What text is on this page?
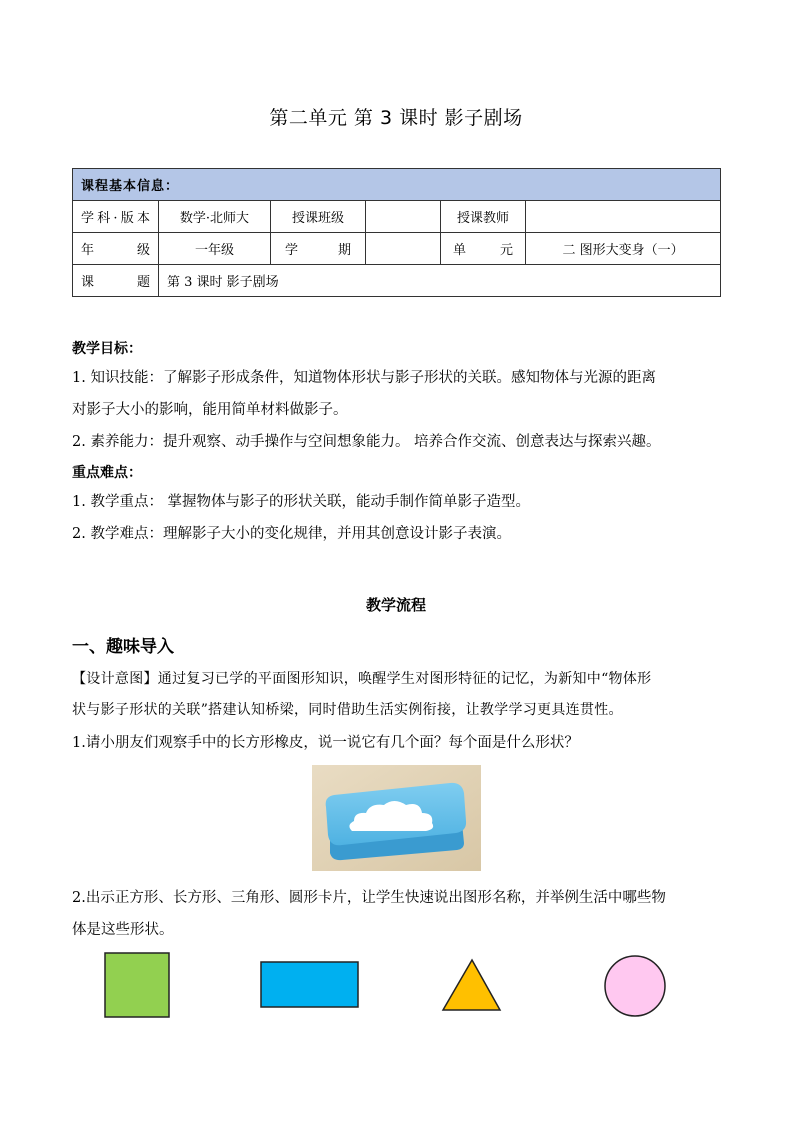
第二单元 第 3 课时 影子剧场
课程基本信息：					
学科·版本	数学·北师大	授课班级		授课教师	
年级	一年级	学期		单元	二 图形大变身（一）
课题	第 3 课时 影子剧场				
教学目标：
1. 知识技能：了解影子形成条件，知道物体形状与影子形状的关联。感知物体与光源的距离
对影子大小的影响，能用简单材料做影子。
2. 素养能力：提升观察、动手操作与空间想象能力。 培养合作交流、创意表达与探索兴趣。
重点难点：
1. 教学重点： 掌握物体与影子的形状关联，能动手制作简单影子造型。
2. 教学难点：理解影子大小的变化规律，并用其创意设计影子表演。
教学流程
一、趣味导入
【设计意图】通过复习已学的平面图形知识，唤醒学生对图形特征的记忆，为新知中“物体形
状与影子形状的关联”搭建认知桥梁，同时借助生活实例衔接，让教学学习更具连贯性。
1.请小朋友们观察手中的长方形橡皮，说一说它有几个面？每个面是什么形状？
2.出示正方形、长方形、三角形、圆形卡片，让学生快速说出图形名称，并举例生活中哪些物
体是这些形状。
